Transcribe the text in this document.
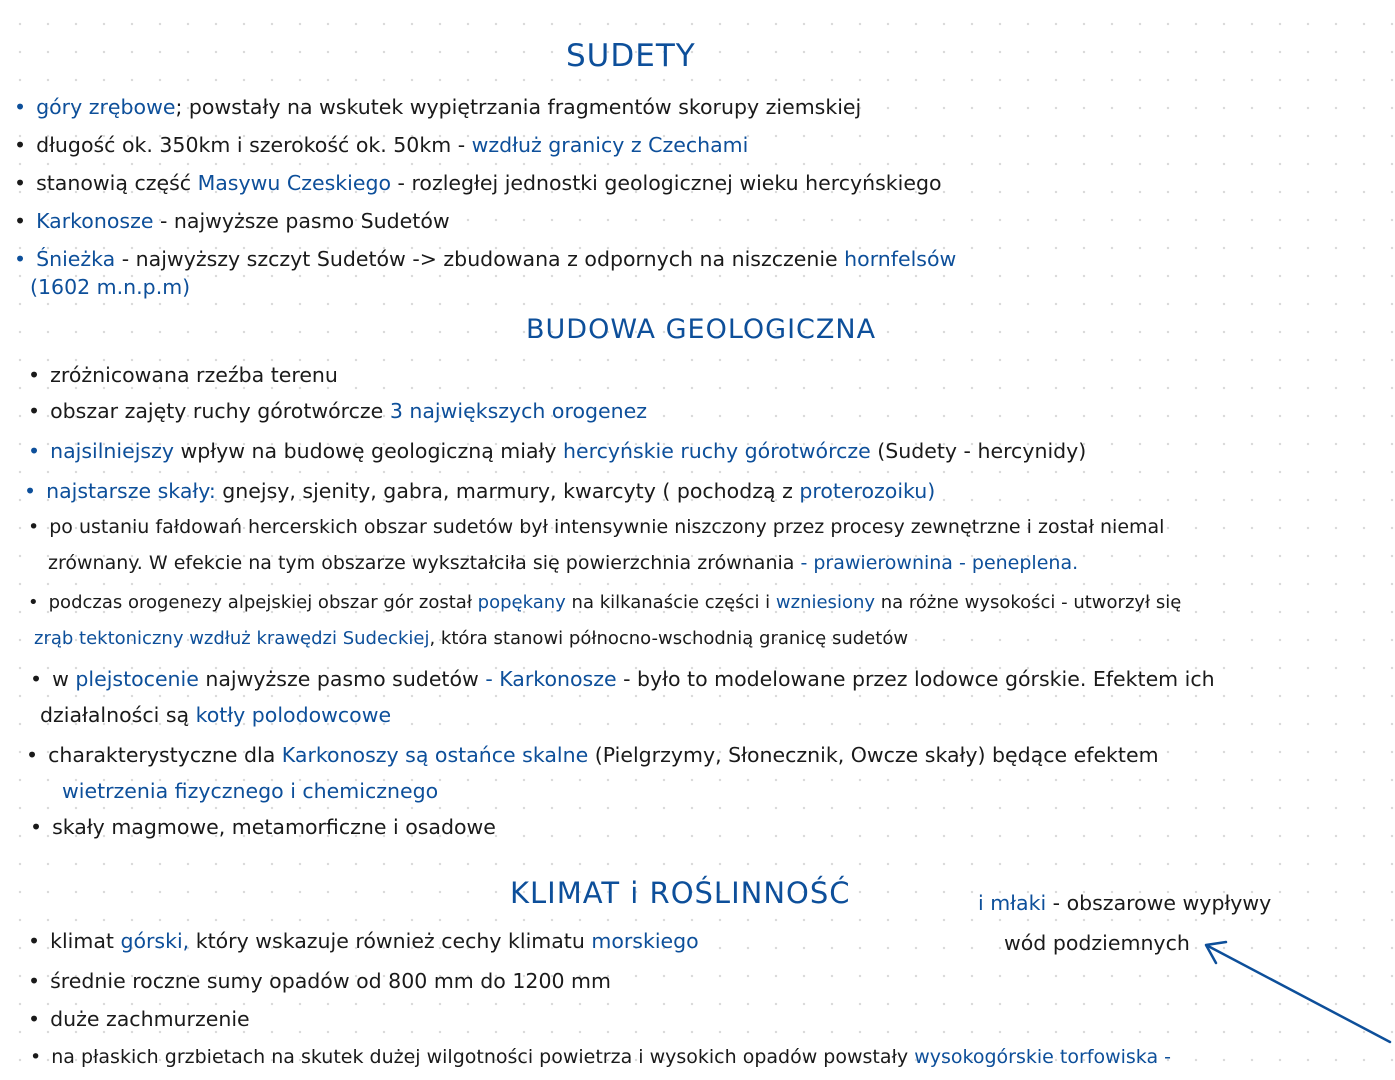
SUDETY
• góry zrębowe; powstały na wskutek wypiętrzania fragmentów skorupy ziemskiej
• długość ok. 350km i szerokość ok. 50km - wzdłuż granicy z Czechami
• stanowią część Masywu Czeskiego - rozległej jednostki geologicznej wieku hercyńskiego
• Karkonosze - najwyższe pasmo Sudetów
• Śnieżka - najwyższy szczyt Sudetów -> zbudowana z odpornych na niszczenie hornfelsów
(1602 m.n.p.m)
BUDOWA GEOLOGICZNA
• zróżnicowana rzeźba terenu
• obszar zajęty ruchy górotwórcze 3 największych orogenez
• najsilniejszy wpływ na budowę geologiczną miały hercyńskie ruchy górotwórcze (Sudety - hercynidy)
• najstarsze skały: gnejsy, sjenity, gabra, marmury, kwarcyty ( pochodzą z proterozoiku)
• po ustaniu fałdowań hercerskich obszar sudetów był intensywnie niszczony przez procesy zewnętrzne i został niemal
zrównany. W efekcie na tym obszarze wykształciła się powierzchnia zrównania - prawierownina - peneplena.
• podczas orogenezy alpejskiej obszar gór został popękany na kilkanaście części i wzniesiony na różne wysokości - utworzył się
zrąb tektoniczny wzdłuż krawędzi Sudeckiej, która stanowi północno-wschodnią granicę sudetów
• w plejstocenie najwyższe pasmo sudetów - Karkonosze - było to modelowane przez lodowce górskie. Efektem ich
działalności są kotły polodowcowe
• charakterystyczne dla Karkonoszy są ostańce skalne (Pielgrzymy, Słonecznik, Owcze skały) będące efektem
wietrzenia fizycznego i chemicznego
• skały magmowe, metamorficzne i osadowe
KLIMAT i ROŚLINNOŚĆ	i młaki - obszarowe wypływy
wód podziemnych
• klimat górski, który wskazuje również cechy klimatu morskiego
• średnie roczne sumy opadów od 800 mm do 1200 mm
• duże zachmurzenie
• na płaskich grzbietach na skutek dużej wilgotności powietrza i wysokich opadów powstały wysokogórskie torfowiska -
